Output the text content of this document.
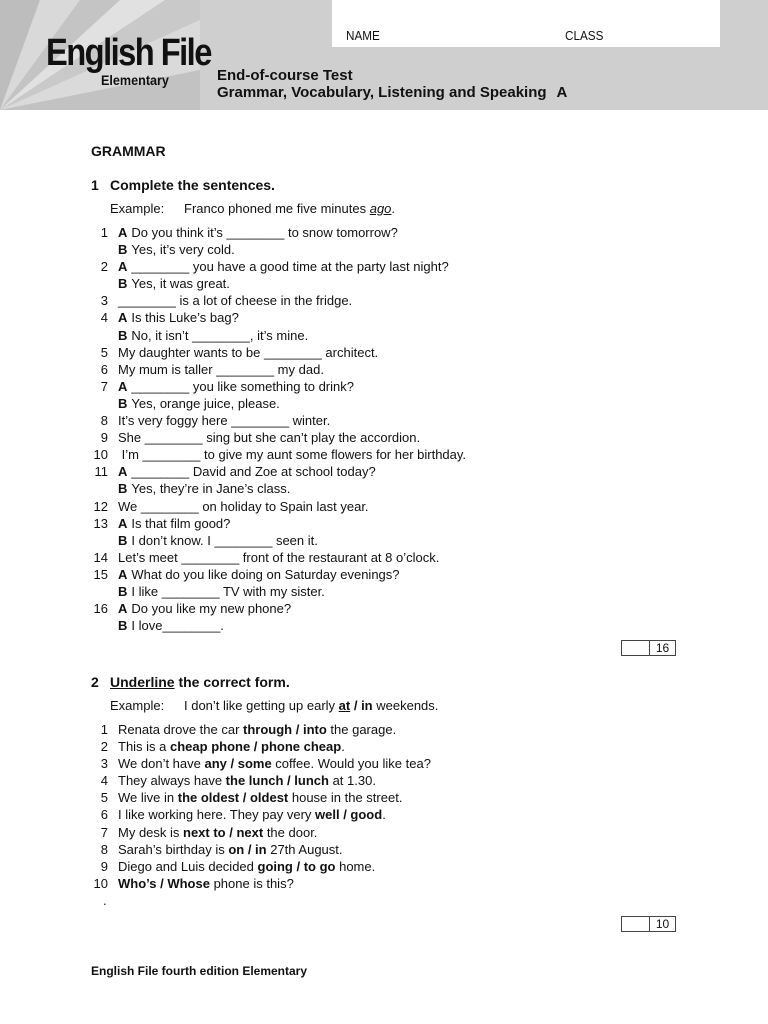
English File
Elementary
NAME	CLASS
End-of-course Test
Grammar, Vocabulary, Listening and Speaking A
GRAMMAR
1 Complete the sentences.
Example: Franco phoned me five minutes ago.
1 A Do you think it’s ________ to snow tomorrow?
B Yes, it’s very cold.
2 A ________ you have a good time at the party last night?
B Yes, it was great.
3 ________ is a lot of cheese in the fridge.
4 A Is this Luke’s bag?
B No, it isn’t ________, it’s mine.
5 My daughter wants to be ________ architect.
6 My mum is taller ________ my dad.
7 A ________ you like something to drink?
B Yes, orange juice, please.
8 It’s very foggy here ________ winter.
9 She ________ sing but she can’t play the accordion.
10 I’m ________ to give my aunt some flowers for her birthday.
11 A ________ David and Zoe at school today?
B Yes, they’re in Jane’s class.
12 We ________ on holiday to Spain last year.
13 A Is that film good?
B I don’t know. I ________ seen it.
14 Let’s meet ________ front of the restaurant at 8 o’clock.
15 A What do you like doing on Saturday evenings?
B I like ________ TV with my sister.
16 A Do you like my new phone?
B I love________.
16
2 Underline the correct form.
Example: I don’t like getting up early at / in weekends.
1 Renata drove the car through / into the garage.
2 This is a cheap phone / phone cheap .
3 We don’t have any / some coffee. Would you like tea?
4 They always have the lunch / lunch at 1.30.
5 We live in the oldest / oldest house in the street.
6 I like working here. They pay very well / good .
7 My desk is next to / next the door.
8 Sarah’s birthday is on / in 27th August.
9 Diego and Luis decided going / to go home.
10 Who’s / Whose phone is this?
.
10
English File fourth edition Elementary
